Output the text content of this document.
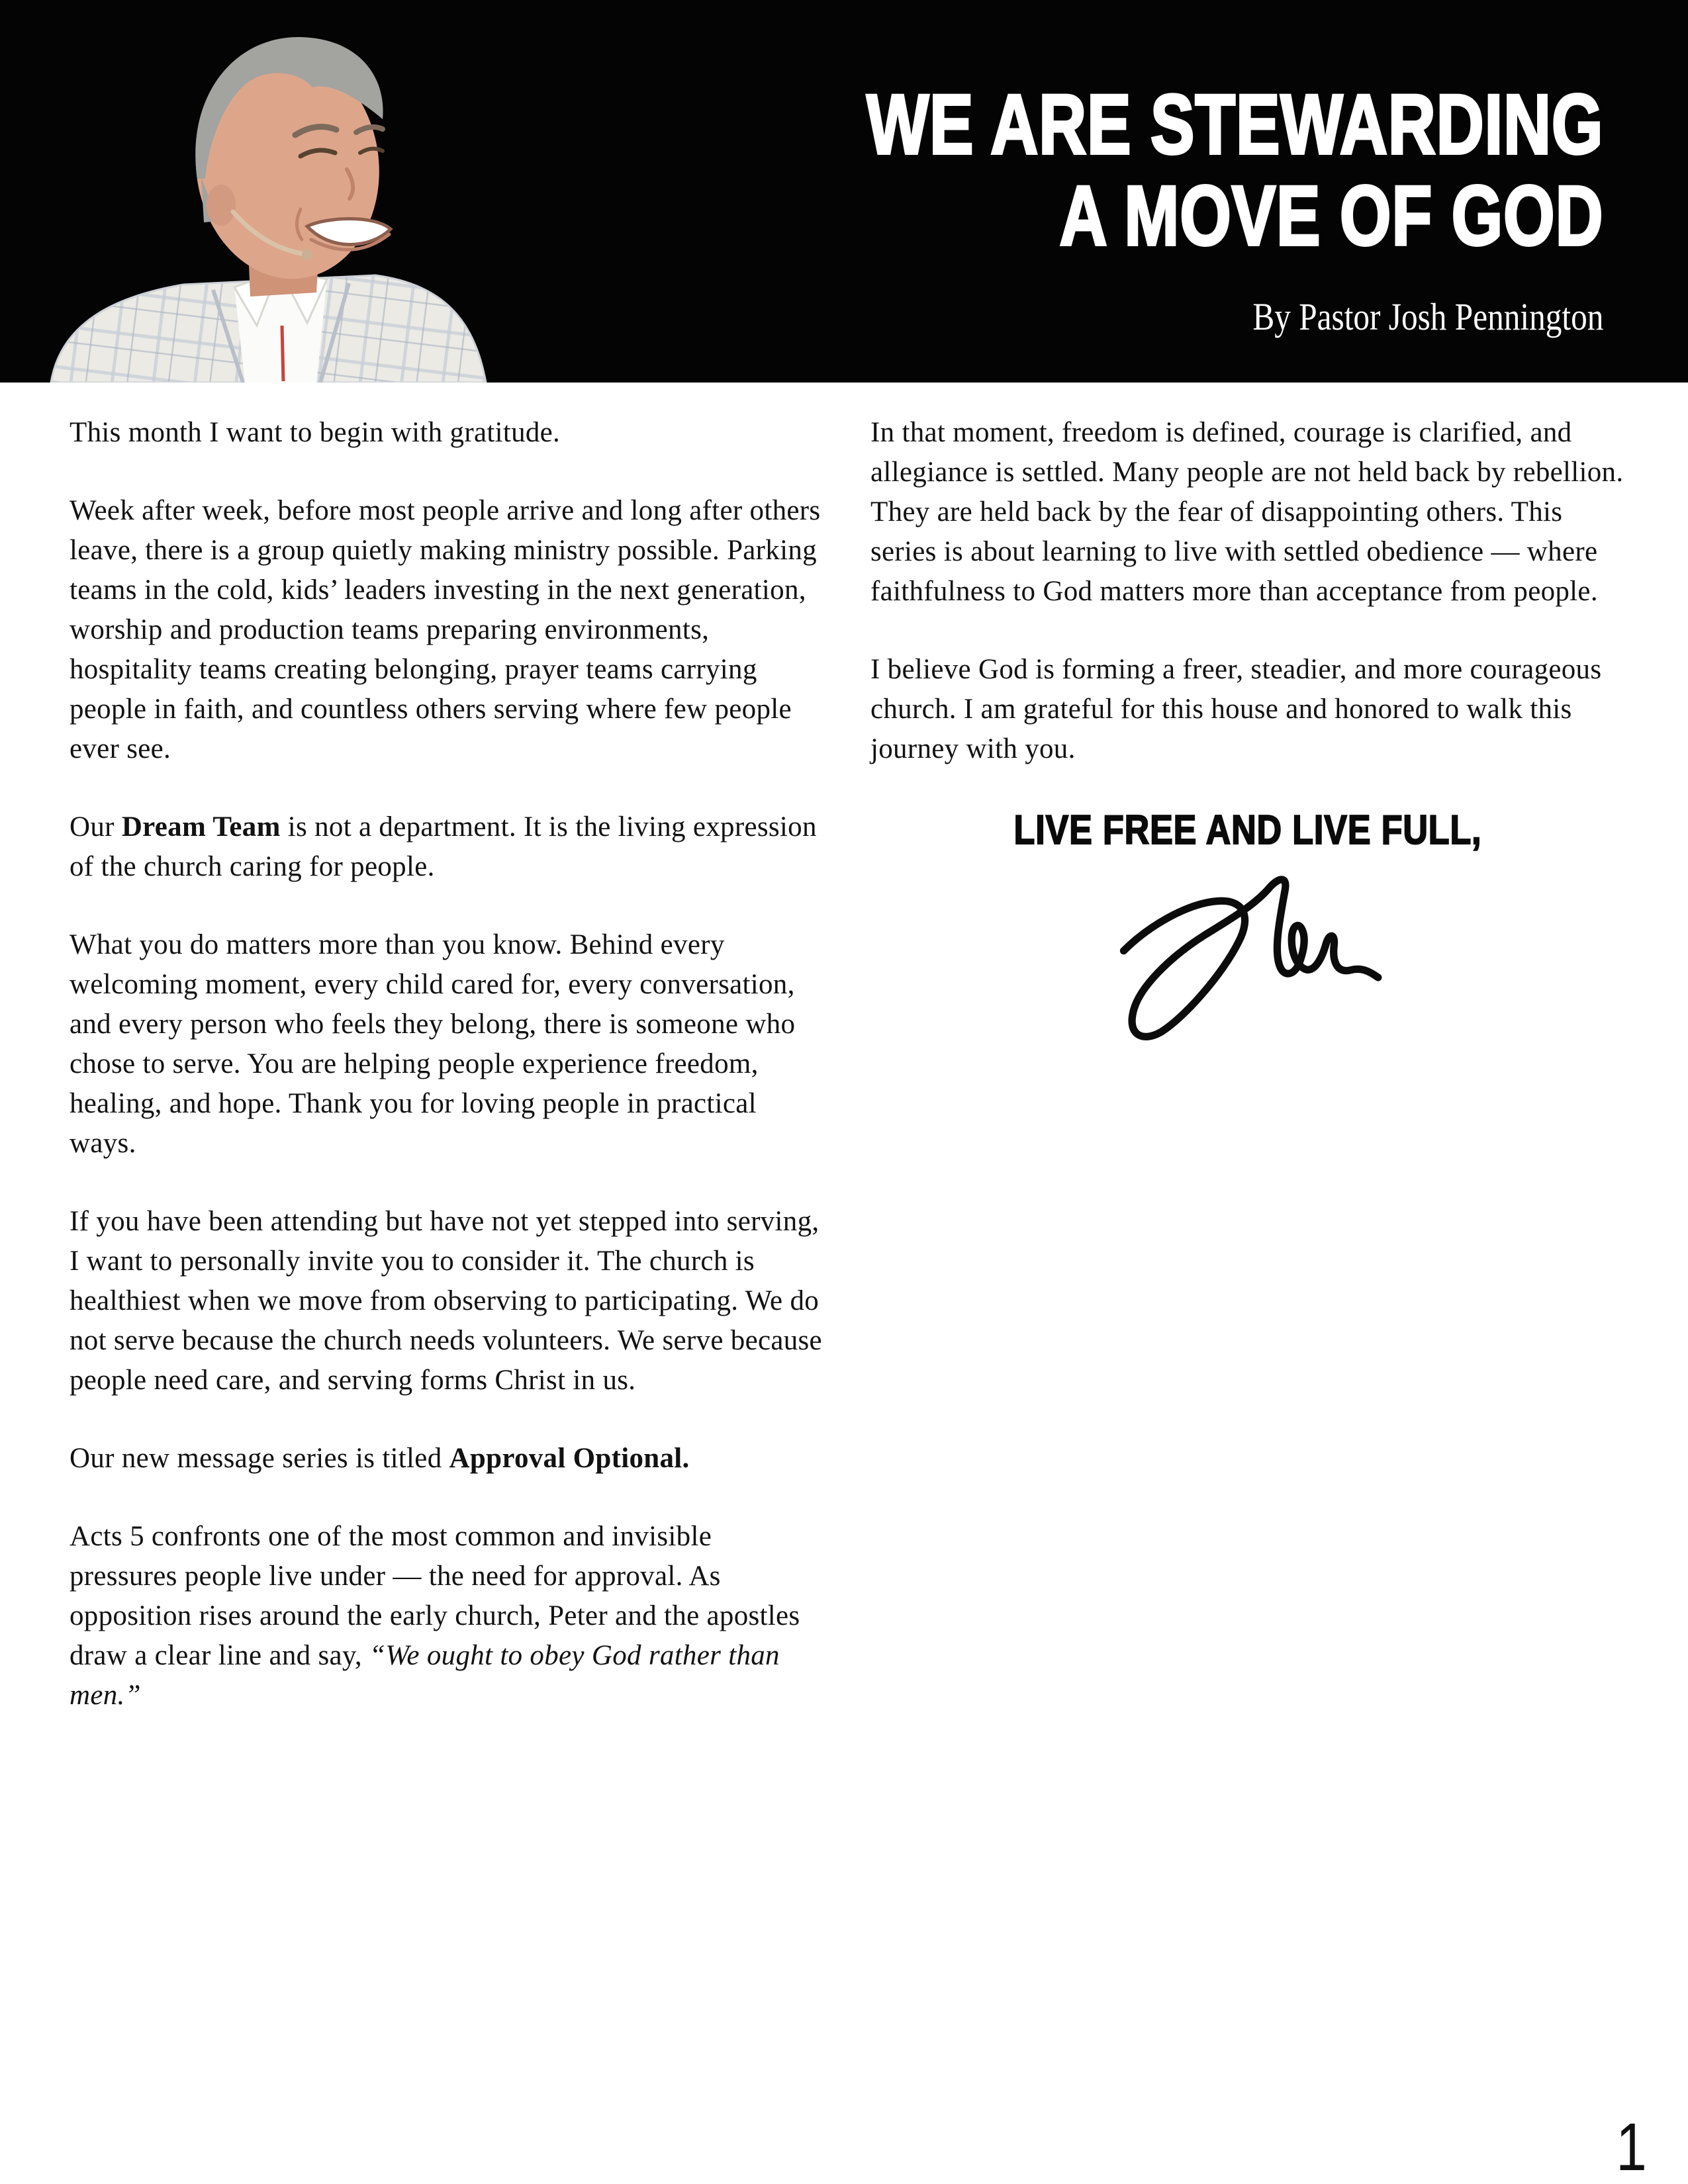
WE ARE STEWARDING
A MOVE OF GOD
By Pastor Josh Pennington

This month I want to begin with gratitude.

Week after week, before most people arrive and long after others leave, there is a group quietly making ministry possible. Parking teams in the cold, kids’ leaders investing in the next generation, worship and production teams preparing environments, hospitality teams creating belonging, prayer teams carrying people in faith, and countless others serving where few people ever see.

Our Dream Team is not a department. It is the living expression of the church caring for people.

What you do matters more than you know. Behind every welcoming moment, every child cared for, every conversation, and every person who feels they belong, there is someone who chose to serve. You are helping people experience freedom, healing, and hope. Thank you for loving people in practical ways.

If you have been attending but have not yet stepped into serving, I want to personally invite you to consider it. The church is healthiest when we move from observing to participating. We do not serve because the church needs volunteers. We serve because people need care, and serving forms Christ in us.

Our new message series is titled Approval Optional.

Acts 5 confronts one of the most common and invisible pressures people live under — the need for approval. As opposition rises around the early church, Peter and the apostles draw a clear line and say, “We ought to obey God rather than men.”

In that moment, freedom is defined, courage is clarified, and allegiance is settled. Many people are not held back by rebellion. They are held back by the fear of disappointing others. This series is about learning to live with settled obedience — where faithfulness to God matters more than acceptance from people.

I believe God is forming a freer, steadier, and more courageous church. I am grateful for this house and honored to walk this journey with you.

LIVE FREE AND LIVE FULL,
1
